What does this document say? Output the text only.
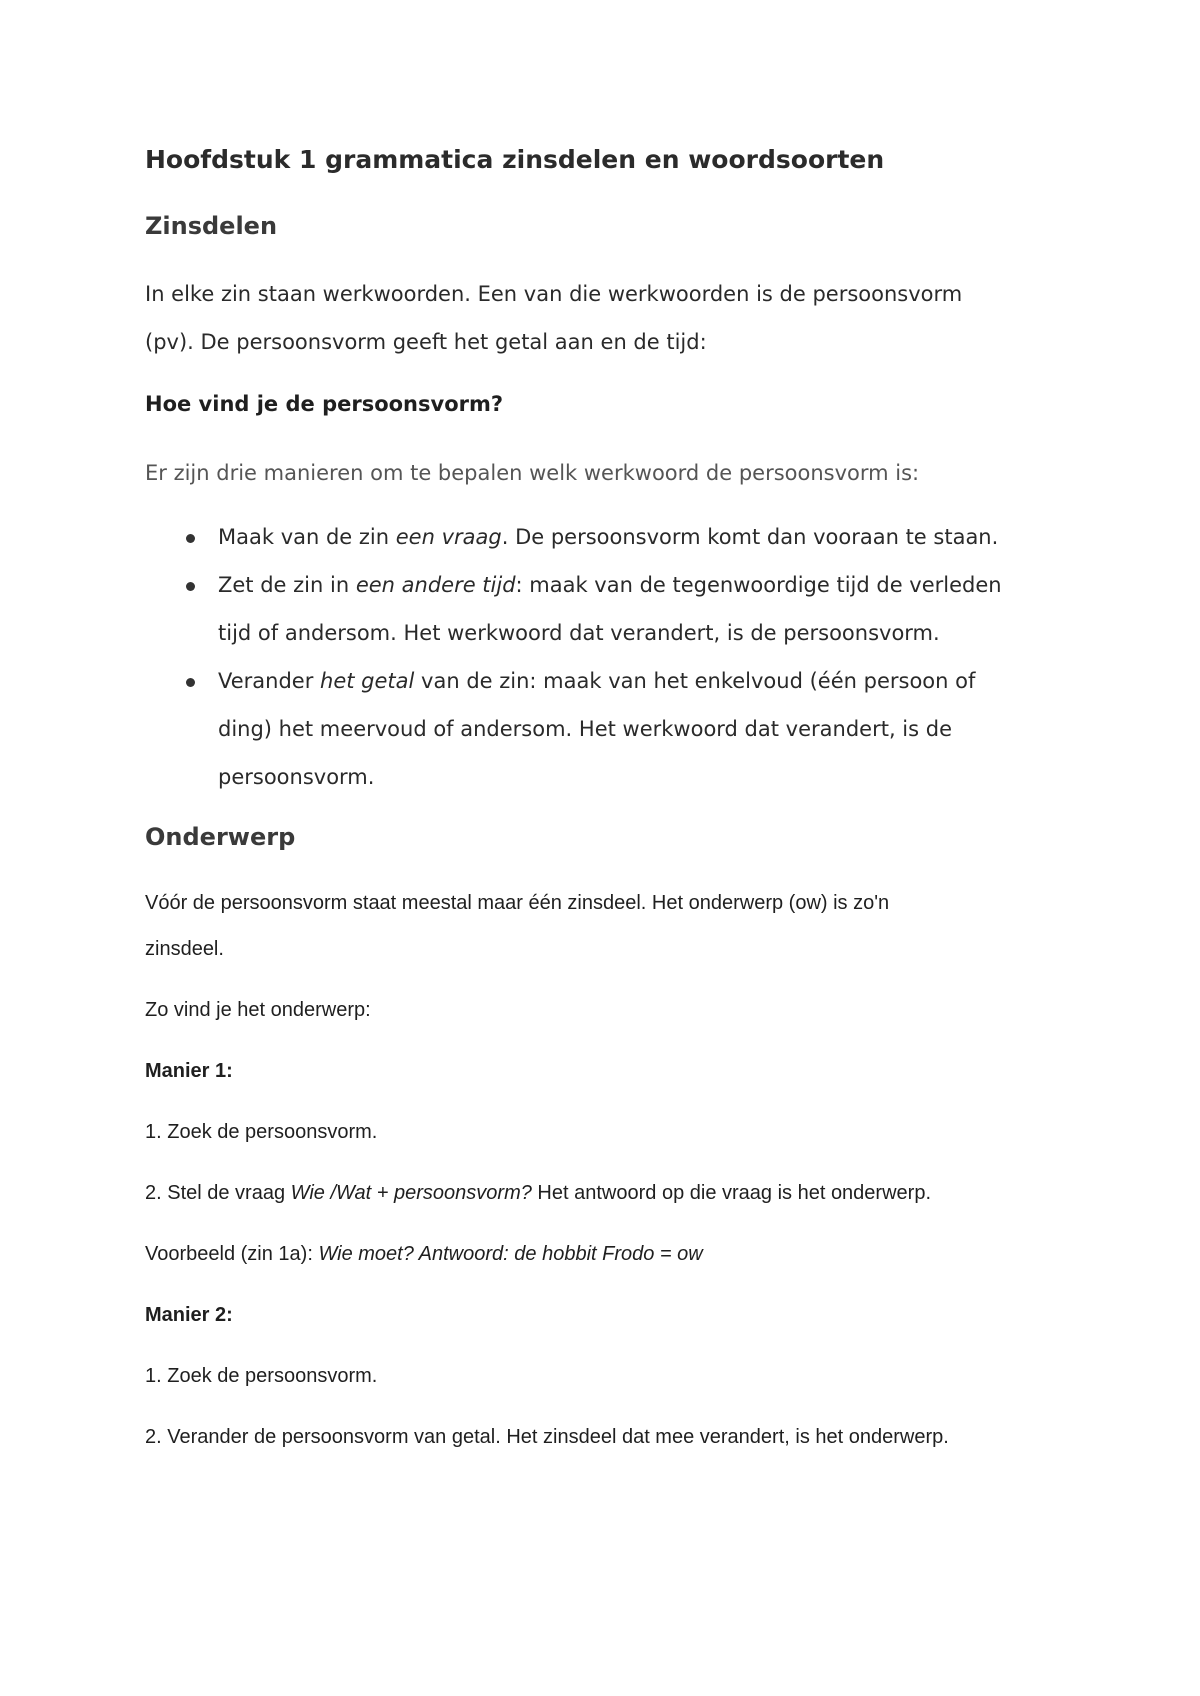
Hoofdstuk 1 grammatica zinsdelen en woordsoorten
Zinsdelen

In elke zin staan werkwoorden. Een van die werkwoorden is de persoonsvorm

(pv). De persoonsvorm geeft het getal aan en de tijd:

Hoe vind je de persoonsvorm?

Er zijn drie manieren om te bepalen welk werkwoord de persoonsvorm is:

Maak van de zin een vraag. De persoonsvorm komt dan vooraan te staan.
Zet de zin in een andere tijd: maak van de tegenwoordige tijd de verleden
tijd of andersom. Het werkwoord dat verandert, is de persoonsvorm.
Verander het getal van de zin: maak van het enkelvoud (één persoon of
ding) het meervoud of andersom. Het werkwoord dat verandert, is de
persoonsvorm.
Onderwerp

Vóór de persoonsvorm staat meestal maar één zinsdeel. Het onderwerp (ow) is zo'n

zinsdeel.

Zo vind je het onderwerp:

Manier 1:

1. Zoek de persoonsvorm.

2. Stel de vraag Wie /Wat + persoonsvorm? Het antwoord op die vraag is het onderwerp.

Voorbeeld (zin 1a): Wie moet? Antwoord: de hobbit Frodo = ow

Manier 2:

1. Zoek de persoonsvorm.

2. Verander de persoonsvorm van getal. Het zinsdeel dat mee verandert, is het onderwerp.
